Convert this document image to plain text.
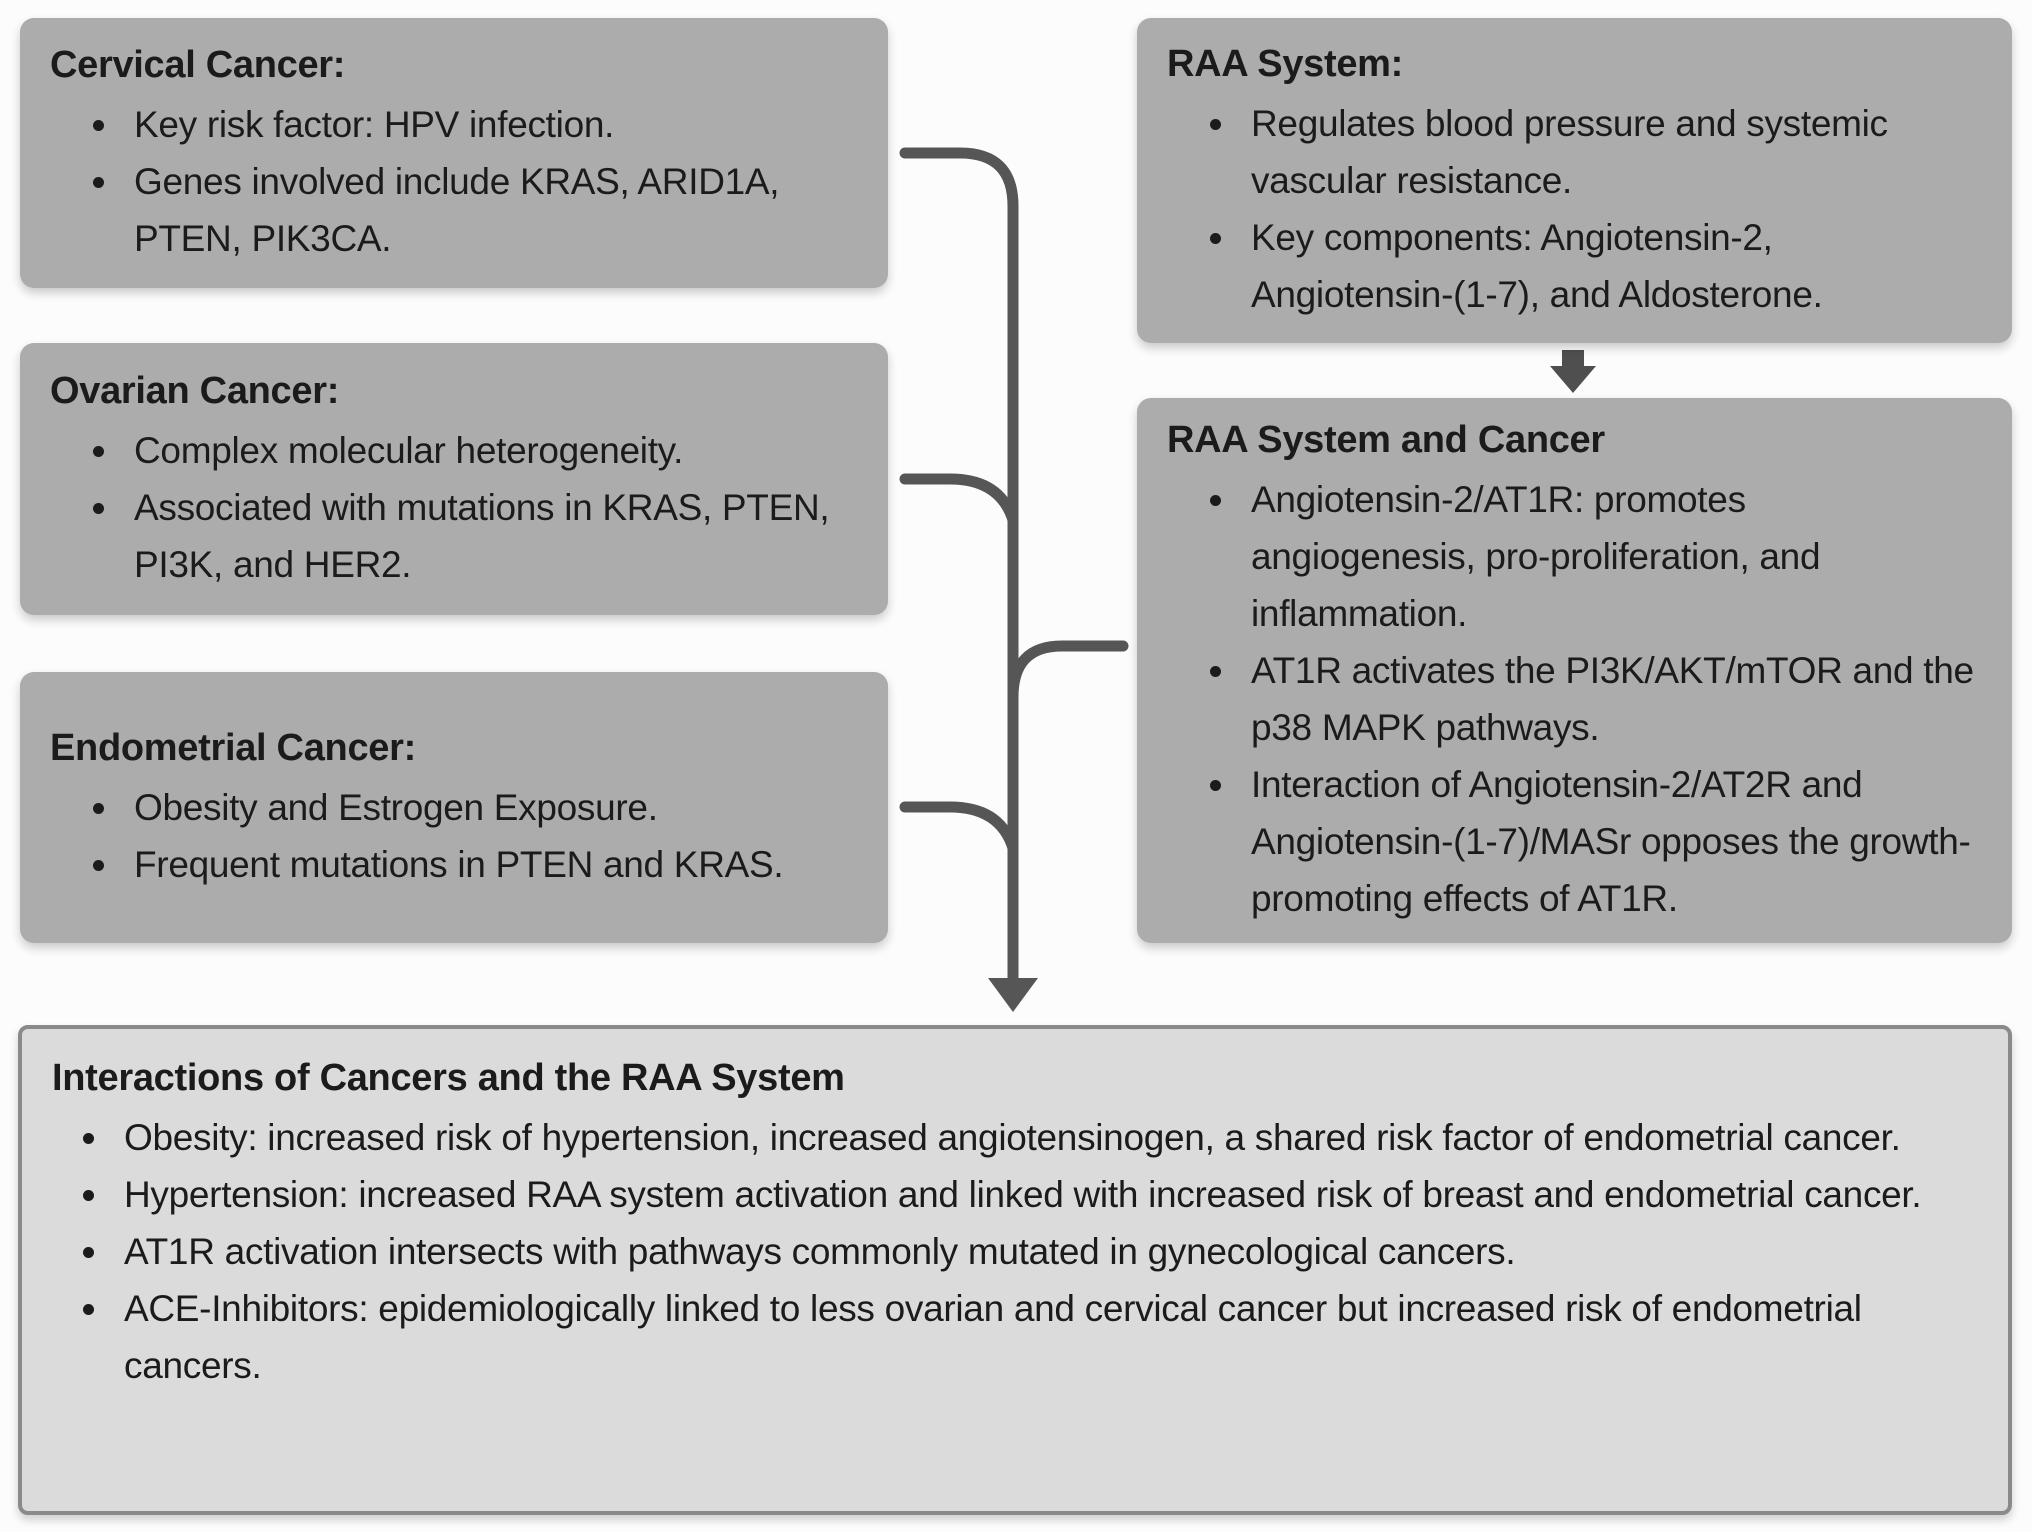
Cervical Cancer:
• Key risk factor: HPV infection.
• Genes involved include KRAS, ARID1A, PTEN, PIK3CA.
Ovarian Cancer:
• Complex molecular heterogeneity.
• Associated with mutations in KRAS, PTEN, PI3K, and HER2.
Endometrial Cancer:
• Obesity and Estrogen Exposure.
• Frequent mutations in PTEN and KRAS.
RAA System:
• Regulates blood pressure and systemic vascular resistance.
• Key components: Angiotensin-2, Angiotensin-(1-7), and Aldosterone.
RAA System and Cancer
• Angiotensin-2/AT1R: promotes angiogenesis, pro-proliferation, and inflammation.
• AT1R activates the PI3K/AKT/mTOR and the p38 MAPK pathways.
• Interaction of Angiotensin-2/AT2R and Angiotensin-(1-7)/MASr opposes the growth-promoting effects of AT1R.
Interactions of Cancers and the RAA System
• Obesity: increased risk of hypertension, increased angiotensinogen, a shared risk factor of endometrial cancer.
• Hypertension: increased RAA system activation and linked with increased risk of breast and endometrial cancer.
• AT1R activation intersects with pathways commonly mutated in gynecological cancers.
• ACE-Inhibitors: epidemiologically linked to less ovarian and cervical cancer but increased risk of endometrial cancers.
